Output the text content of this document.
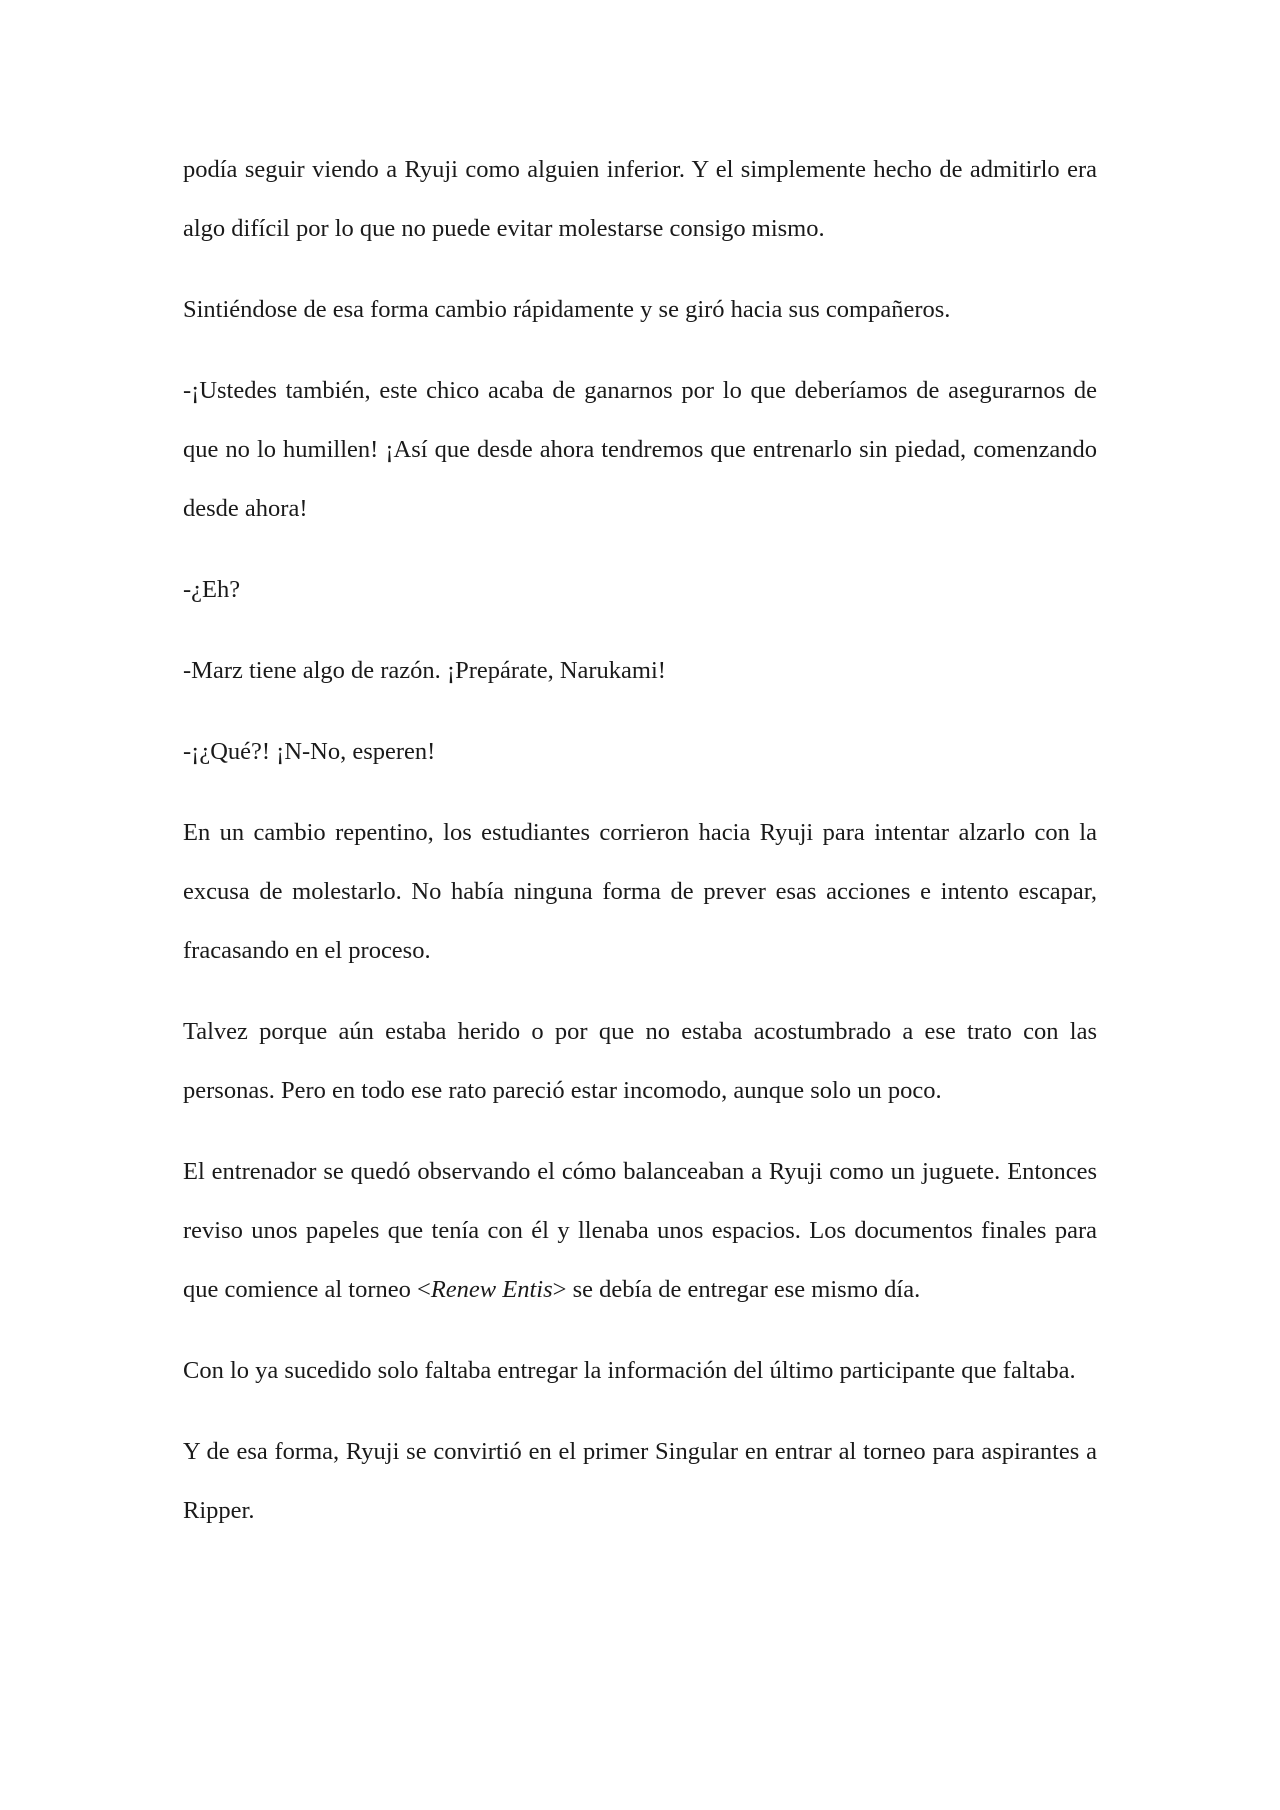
podía seguir viendo a Ryuji como alguien inferior. Y el simplemente hecho de admitirlo era algo difícil por lo que no puede evitar molestarse consigo mismo.

Sintiéndose de esa forma cambio rápidamente y se giró hacia sus compañeros.

-¡Ustedes también, este chico acaba de ganarnos por lo que deberíamos de asegurarnos de que no lo humillen! ¡Así que desde ahora tendremos que entrenarlo sin piedad, comenzando desde ahora!

-¿Eh?

-Marz tiene algo de razón. ¡Prepárate, Narukami!

-¡¿Qué?! ¡N-No, esperen!

En un cambio repentino, los estudiantes corrieron hacia Ryuji para intentar alzarlo con la excusa de molestarlo. No había ninguna forma de prever esas acciones e intento escapar, fracasando en el proceso.

Talvez porque aún estaba herido o por que no estaba acostumbrado a ese trato con las personas. Pero en todo ese rato pareció estar incomodo, aunque solo un poco.

El entrenador se quedó observando el cómo balanceaban a Ryuji como un juguete. Entonces reviso unos papeles que tenía con él y llenaba unos espacios. Los documentos finales para que comience al torneo <Renew Entis> se debía de entregar ese mismo día.

Con lo ya sucedido solo faltaba entregar la información del último participante que faltaba.

Y de esa forma, Ryuji se convirtió en el primer Singular en entrar al torneo para aspirantes a Ripper.
